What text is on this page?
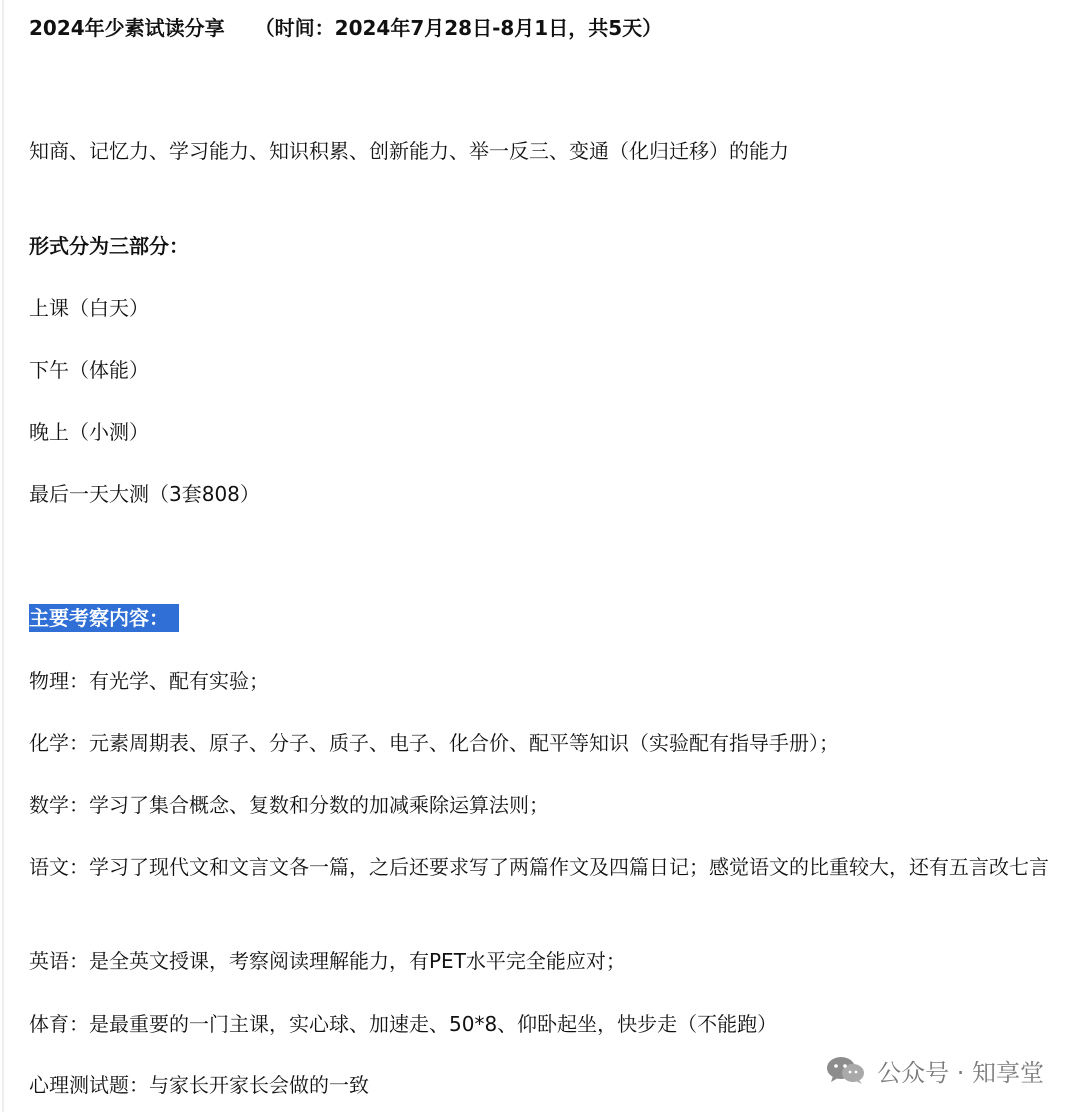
2024年少素试读分享 （时间：2024年7月28日-8月1日，共5天）

知商、记忆力、学习能力、知识积累、创新能力、举一反三、变通（化归迁移）的能力

形式分为三部分：

上课（白天）

下午（体能）

晚上（小测）

最后一天大测（3套808）

主要考察内容：

物理：有光学、配有实验；

化学：元素周期表、原子、分子、质子、电子、化合价、配平等知识（实验配有指导手册）；

数学：学习了集合概念、复数和分数的加减乘除运算法则；

语文：学习了现代文和文言文各一篇，之后还要求写了两篇作文及四篇日记；感觉语文的比重较大，还有五言改七言

英语：是全英文授课，考察阅读理解能力，有PET水平完全能应对；

体育：是最重要的一门主课，实心球、加速走、50*8、仰卧起坐，快步走（不能跑）

心理测试题：与家长开家长会做的一致	公众号 · 知享堂
